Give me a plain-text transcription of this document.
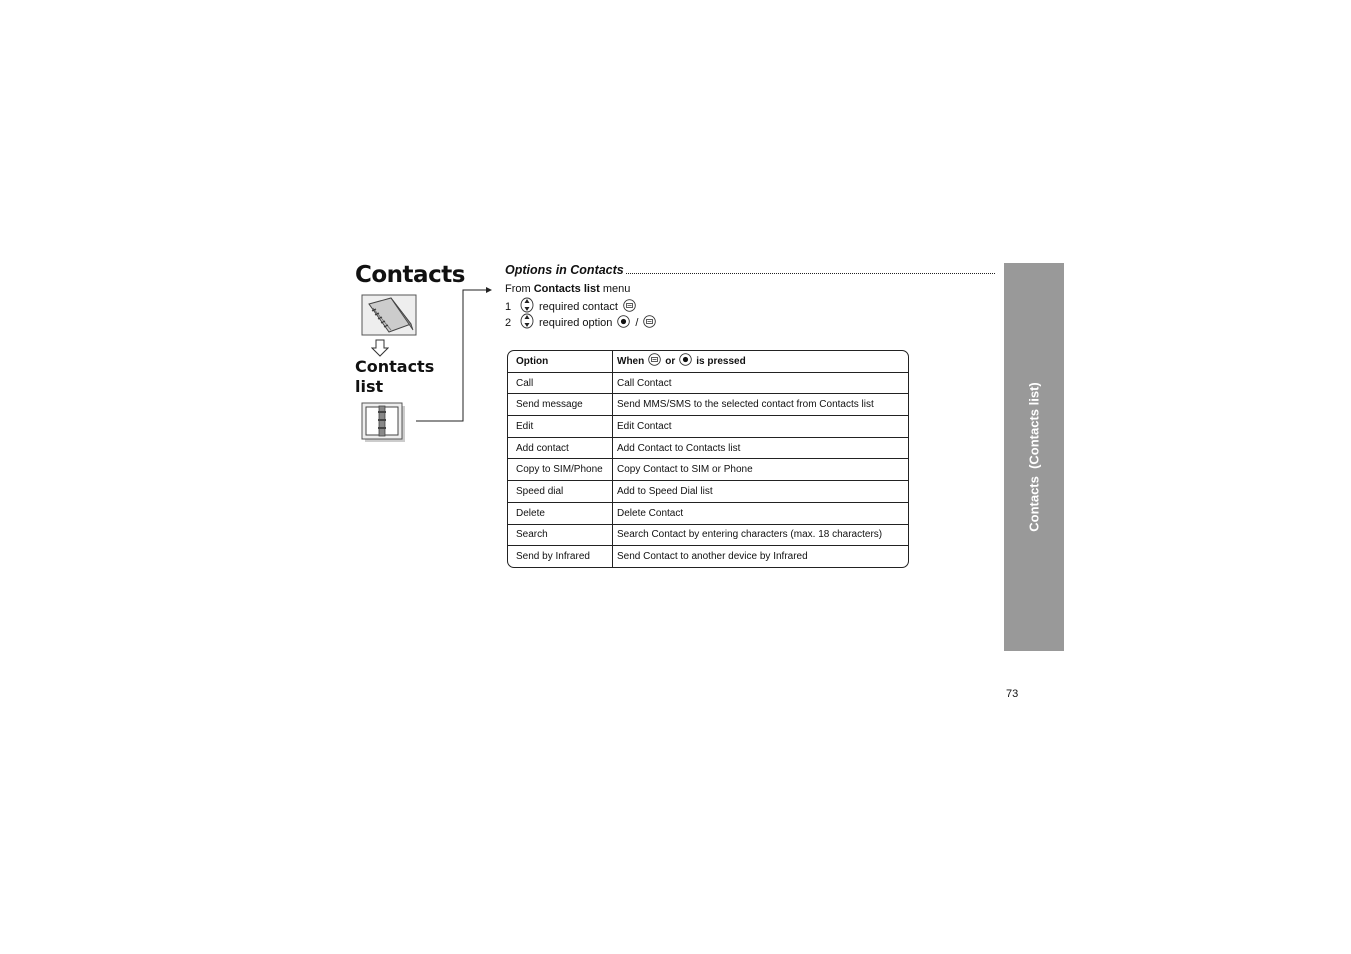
Contacts
Contacts list
Options in Contacts
From Contacts list menu
1	required contact
2	required option /
Option	When or is pressed

Call	Call Contact
Send message	Send MMS/SMS to the selected contact from Contacts list
Edit	Edit Contact
Add contact	Add Contact to Contacts list
Copy to SIM/Phone	Copy Contact to SIM or Phone
Speed dial	Add to Speed Dial list
Delete	Delete Contact
Search	Search Contact by entering characters (max. 18 characters)
Send by Infrared	Send Contact to another device by Infrared
Contacts  (Contacts list)
73
